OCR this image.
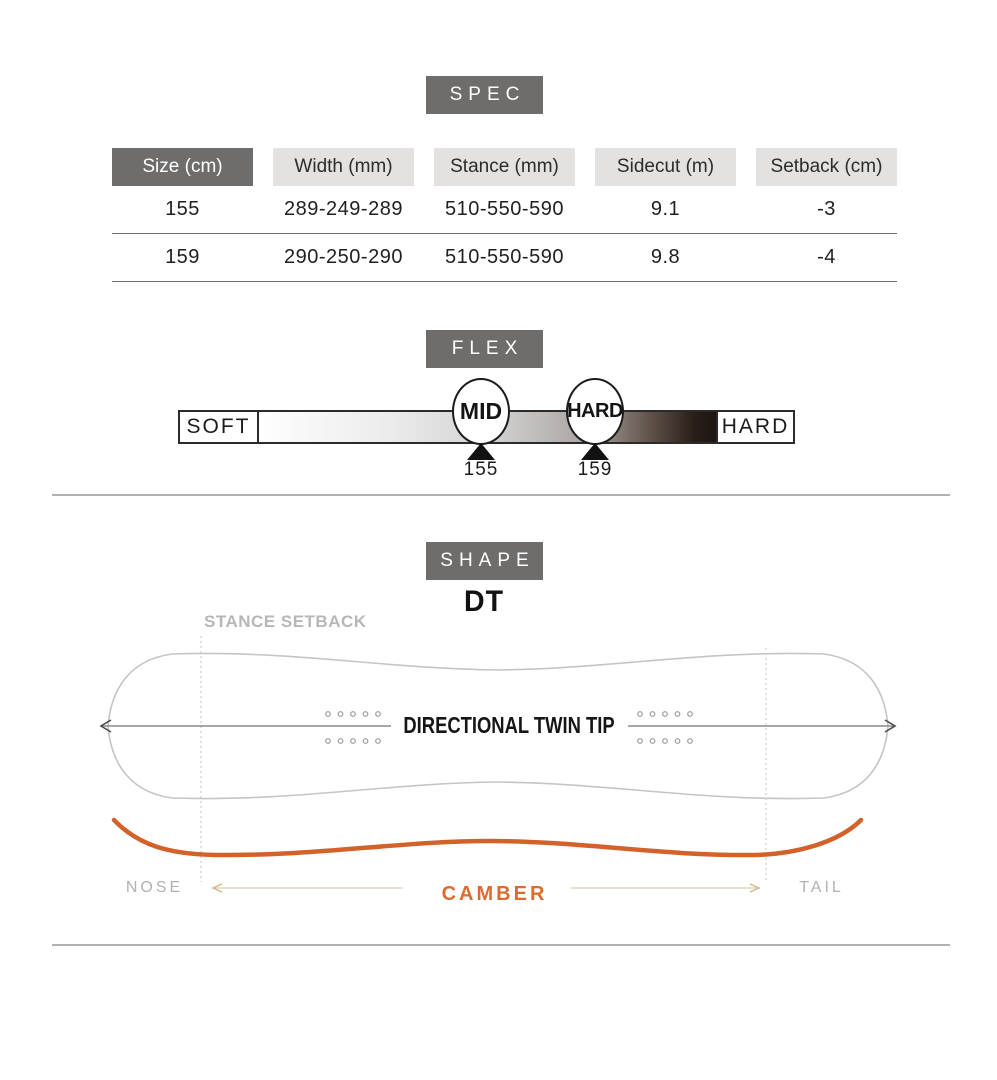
SPEC
Size (cm)	Width (mm)	Stance (mm)	Sidecut (m)	Setback (cm)
155	289-249-289	510-550-590	9.1	-3
159	290-250-290	510-550-590	9.8	-4
FLEX
SOFT	HARD
MID	HARD
155	159
SHAPE
DT
STANCE SETBACK
DIRECTIONAL TWIN TIP
NOSE	CAMBER	TAIL
